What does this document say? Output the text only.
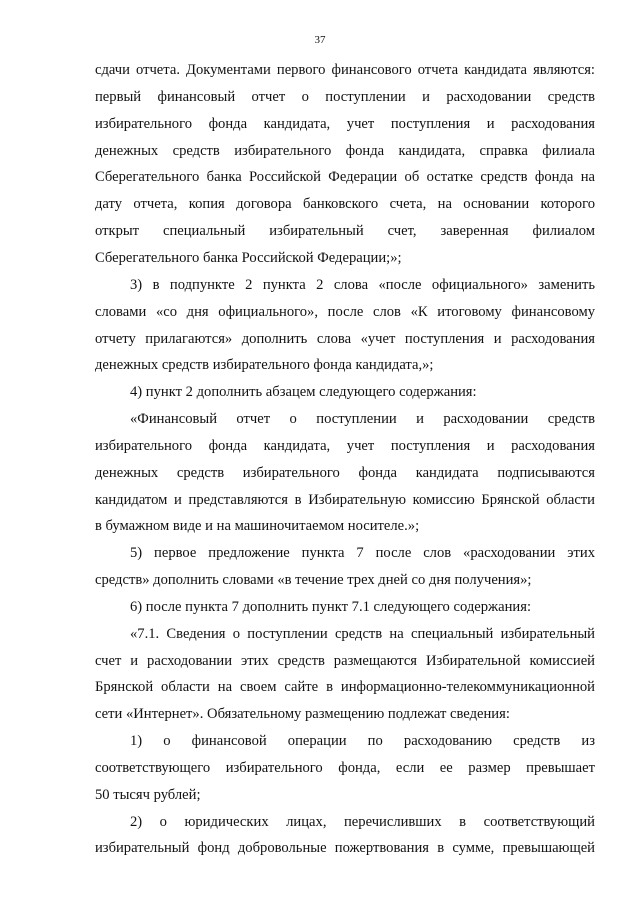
37
сдачи отчета. Документами первого финансового отчета кандидата являются:
первый финансовый отчет о поступлении и расходовании средств
избирательного фонда кандидата, учет поступления и расходования
денежных средств избирательного фонда кандидата, справка филиала
Сберегательного банка Российской Федерации об остатке средств фонда на
дату отчета, копия договора банковского счета, на основании которого
открыт специальный избирательный счет, заверенная филиалом
Сберегательного банка Российской Федерации;»;
3) в подпункте 2 пункта 2 слова «после официального» заменить
словами «со дня официального», после слов «К итоговому финансовому
отчету прилагаются» дополнить слова «учет поступления и расходования
денежных средств избирательного фонда кандидата,»;
4) пункт 2 дополнить абзацем следующего содержания:
«Финансовый отчет о поступлении и расходовании средств
избирательного фонда кандидата, учет поступления и расходования
денежных средств избирательного фонда кандидата подписываются
кандидатом и представляются в Избирательную комиссию Брянской области
в бумажном виде и на машиночитаемом носителе.»;
5) первое предложение пункта 7 после слов «расходовании этих
средств» дополнить словами «в течение трех дней со дня получения»;
6) после пункта 7 дополнить пункт 7.1 следующего содержания:
«7.1. Сведения о поступлении средств на специальный избирательный
счет и расходовании этих средств размещаются Избирательной комиссией
Брянской области на своем сайте в информационно-телекоммуникационной
сети «Интернет». Обязательному размещению подлежат сведения:
1) о финансовой операции по расходованию средств из
соответствующего избирательного фонда, если ее размер превышает
50 тысяч рублей;
2) о юридических лицах, перечисливших в соответствующий
избирательный фонд добровольные пожертвования в сумме, превышающей
